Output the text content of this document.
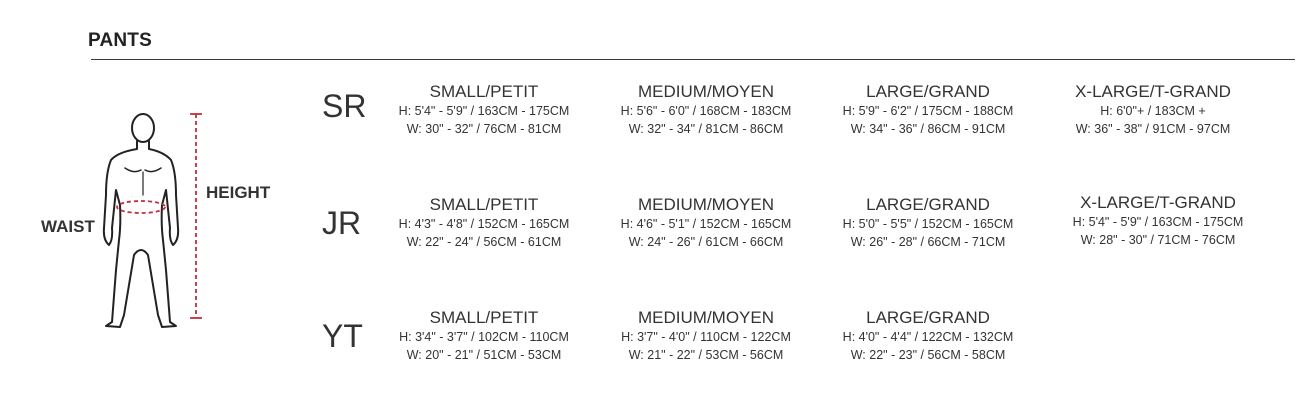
PANTS
HEIGHT
WAIST
SR	SMALL/PETIT
H: 5'4" - 5'9" / 163CM - 175CM
W: 30" - 32" / 76CM - 81CM
MEDIUM/MOYEN
H: 5'6" - 6'0" / 168CM - 183CM
W: 32" - 34" / 81CM - 86CM
LARGE/GRAND
H: 5'9" - 6'2" / 175CM - 188CM
W: 34" - 36" / 86CM - 91CM
X-LARGE/T-GRAND
H: 6'0"+ / 183CM +
W: 36" - 38" / 91CM - 97CM
JR
SMALL/PETIT
H: 4'3" - 4'8" / 152CM - 165CM
W: 22" - 24" / 56CM - 61CM
MEDIUM/MOYEN
H: 4'6" - 5'1" / 152CM - 165CM
W: 24" - 26" / 61CM - 66CM
LARGE/GRAND
H: 5'0" - 5'5" / 152CM - 165CM
W: 26" - 28" / 66CM - 71CM
X-LARGE/T-GRAND
H: 5'4" - 5'9" / 163CM - 175CM
W: 28" - 30" / 71CM - 76CM
YT
SMALL/PETIT
H: 3'4" - 3'7" / 102CM - 110CM
W: 20" - 21" / 51CM - 53CM
MEDIUM/MOYEN
H: 3'7" - 4'0" / 110CM - 122CM
W: 21" - 22" / 53CM - 56CM
LARGE/GRAND
H: 4'0" - 4'4" / 122CM - 132CM
W: 22" - 23" / 56CM - 58CM
